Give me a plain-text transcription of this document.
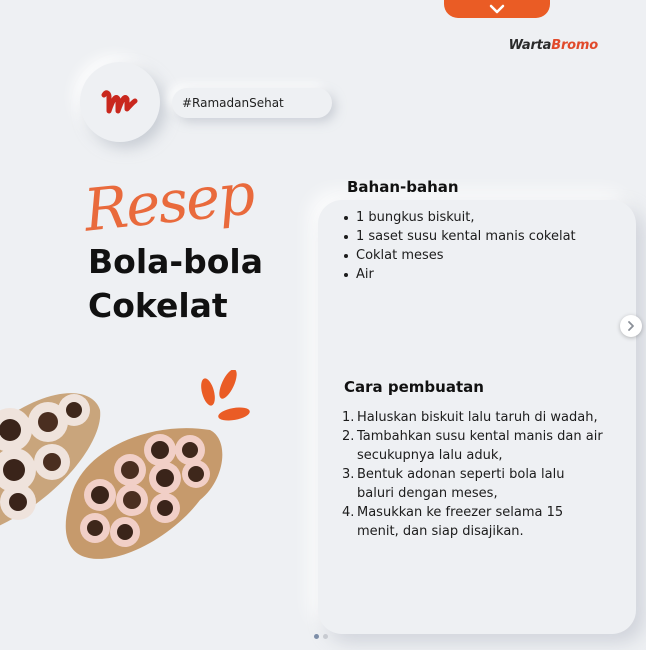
WartaBromo
#RamadanSehat
Resep
Bola-bola
Cokelat
Bahan-bahan
1 bungkus biskuit,
1 saset susu kental manis cokelat
Coklat meses
Air
Cara pembuatan
1. Haluskan biskuit lalu taruh di wadah,
2. Tambahkan susu kental manis dan air secukupnya lalu aduk,
3. Bentuk adonan seperti bola lalu baluri dengan meses,
4. Masukkan ke freezer selama 15 menit, dan siap disajikan.
